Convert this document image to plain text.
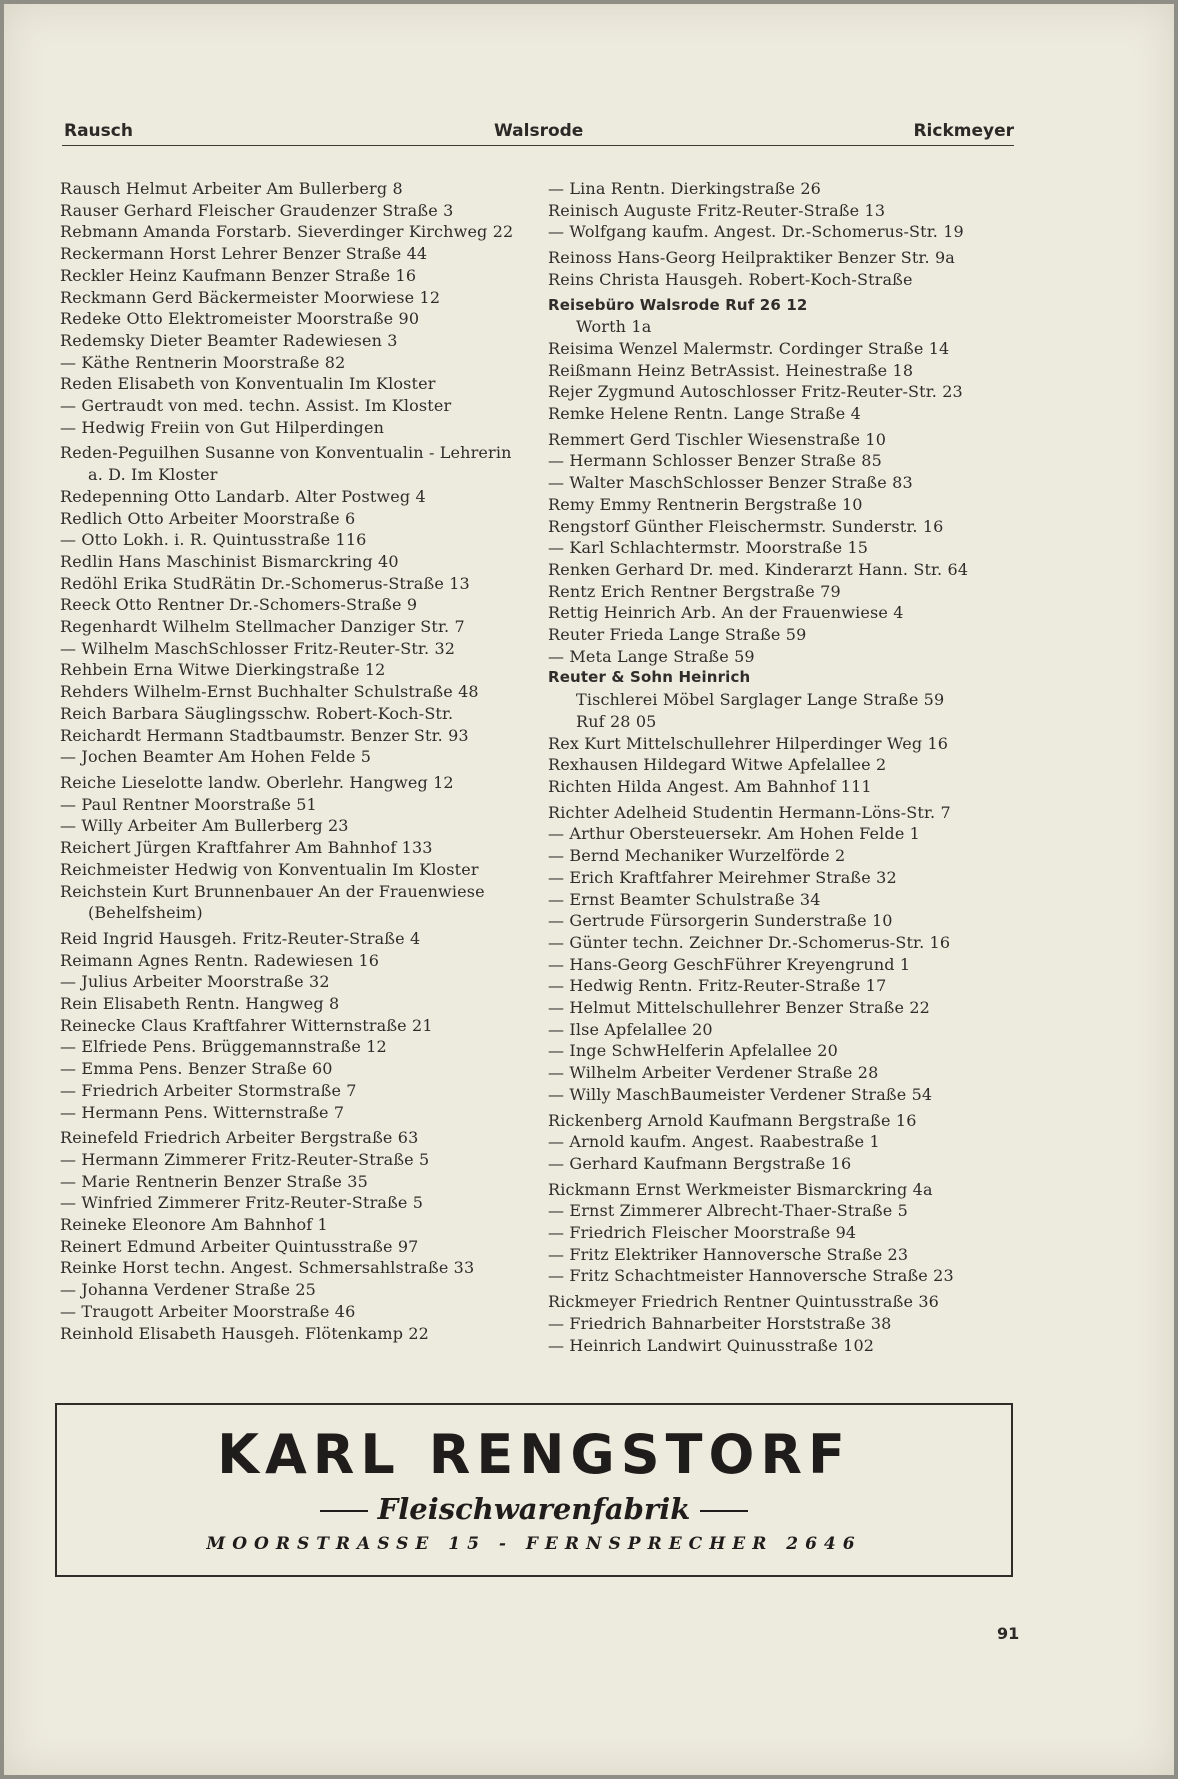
Rausch	Walsrode	Rickmeyer

Rausch Helmut Arbeiter Am Bullerberg 8

Rauser Gerhard Fleischer Graudenzer Straße 3

Rebmann Amanda Forstarb. Sieverdinger Kirchweg 22

Reckermann Horst Lehrer Benzer Straße 44

Reckler Heinz Kaufmann Benzer Straße 16

Reckmann Gerd Bäckermeister Moorwiese 12

Redeke Otto Elektromeister Moorstraße 90

Redemsky Dieter Beamter Radewiesen 3

— Käthe Rentnerin Moorstraße 82

Reden Elisabeth von Konventualin Im Kloster

— Gertraudt von med. techn. Assist. Im Kloster

— Hedwig Freiin von Gut Hilperdingen

Reden-Peguilhen Susanne von Konventualin - Lehrerin a. D. Im Kloster

Redepenning Otto Landarb. Alter Postweg 4

Redlich Otto Arbeiter Moorstraße 6

— Otto Lokh. i. R. Quintusstraße 116

Redlin Hans Maschinist Bismarckring 40

Redöhl Erika StudRätin Dr.-Schomerus-Straße 13

Reeck Otto Rentner Dr.-Schomers-Straße 9

Regenhardt Wilhelm Stellmacher Danziger Str. 7

— Wilhelm MaschSchlosser Fritz-Reuter-Str. 32

Rehbein Erna Witwe Dierkingstraße 12

Rehders Wilhelm-Ernst Buchhalter Schulstraße 48

Reich Barbara Säuglingsschw. Robert-Koch-Str.

Reichardt Hermann Stadtbaumstr. Benzer Str. 93

— Jochen Beamter Am Hohen Felde 5

Reiche Lieselotte landw. Oberlehr. Hangweg 12

— Paul Rentner Moorstraße 51

— Willy Arbeiter Am Bullerberg 23

Reichert Jürgen Kraftfahrer Am Bahnhof 133

Reichmeister Hedwig von Konventualin Im Kloster

Reichstein Kurt Brunnenbauer An der Frauenwiese (Behelfsheim)

Reid Ingrid Hausgeh. Fritz-Reuter-Straße 4

Reimann Agnes Rentn. Radewiesen 16

— Julius Arbeiter Moorstraße 32

Rein Elisabeth Rentn. Hangweg 8

Reinecke Claus Kraftfahrer Witternstraße 21

— Elfriede Pens. Brüggemannstraße 12

— Emma Pens. Benzer Straße 60

— Friedrich Arbeiter Stormstraße 7

— Hermann Pens. Witternstraße 7

Reinefeld Friedrich Arbeiter Bergstraße 63

— Hermann Zimmerer Fritz-Reuter-Straße 5

— Marie Rentnerin Benzer Straße 35

— Winfried Zimmerer Fritz-Reuter-Straße 5

Reineke Eleonore Am Bahnhof 1

Reinert Edmund Arbeiter Quintusstraße 97

Reinke Horst techn. Angest. Schmersahlstraße 33

— Johanna Verdener Straße 25

— Traugott Arbeiter Moorstraße 46

Reinhold Elisabeth Hausgeh. Flötenkamp 22

— Lina Rentn. Dierkingstraße 26

Reinisch Auguste Fritz-Reuter-Straße 13

— Wolfgang kaufm. Angest. Dr.-Schomerus-Str. 19

Reinoss Hans-Georg Heilpraktiker Benzer Str. 9a

Reins Christa Hausgeh. Robert-Koch-Straße

Reisebüro Walsrode Ruf 26 12

Worth 1a

Reisima Wenzel Malermstr. Cordinger Straße 14

Reißmann Heinz BetrAssist. Heinestraße 18

Rejer Zygmund Autoschlosser Fritz-Reuter-Str. 23

Remke Helene Rentn. Lange Straße 4

Remmert Gerd Tischler Wiesenstraße 10

— Hermann Schlosser Benzer Straße 85

— Walter MaschSchlosser Benzer Straße 83

Remy Emmy Rentnerin Bergstraße 10

Rengstorf Günther Fleischermstr. Sunderstr. 16

— Karl Schlachtermstr. Moorstraße 15

Renken Gerhard Dr. med. Kinderarzt Hann. Str. 64

Rentz Erich Rentner Bergstraße 79

Rettig Heinrich Arb. An der Frauenwiese 4

Reuter Frieda Lange Straße 59

— Meta Lange Straße 59

Reuter & Sohn Heinrich

Tischlerei Möbel Sarglager Lange Straße 59

Ruf 28 05

Rex Kurt Mittelschullehrer Hilperdinger Weg 16

Rexhausen Hildegard Witwe Apfelallee 2

Richten Hilda Angest. Am Bahnhof 111

Richter Adelheid Studentin Hermann-Löns-Str. 7

— Arthur Obersteuersekr. Am Hohen Felde 1

— Bernd Mechaniker Wurzelförde 2

— Erich Kraftfahrer Meirehmer Straße 32

— Ernst Beamter Schulstraße 34

— Gertrude Fürsorgerin Sunderstraße 10

— Günter techn. Zeichner Dr.-Schomerus-Str. 16

— Hans-Georg GeschFührer Kreyengrund 1

— Hedwig Rentn. Fritz-Reuter-Straße 17

— Helmut Mittelschullehrer Benzer Straße 22

— Ilse Apfelallee 20

— Inge SchwHelferin Apfelallee 20

— Wilhelm Arbeiter Verdener Straße 28

— Willy MaschBaumeister Verdener Straße 54

Rickenberg Arnold Kaufmann Bergstraße 16

— Arnold kaufm. Angest. Raabestraße 1

— Gerhard Kaufmann Bergstraße 16

Rickmann Ernst Werkmeister Bismarckring 4a

— Ernst Zimmerer Albrecht-Thaer-Straße 5

— Friedrich Fleischer Moorstraße 94

— Fritz Elektriker Hannoversche Straße 23

— Fritz Schachtmeister Hannoversche Straße 23

Rickmeyer Friedrich Rentner Quintusstraße 36

— Friedrich Bahnarbeiter Horststraße 38

— Heinrich Landwirt Quinusstraße 102

KARL RENGSTORF
Fleischwarenfabrik
MOORSTRASSE 15 - FERNSPRECHER 2646
91
